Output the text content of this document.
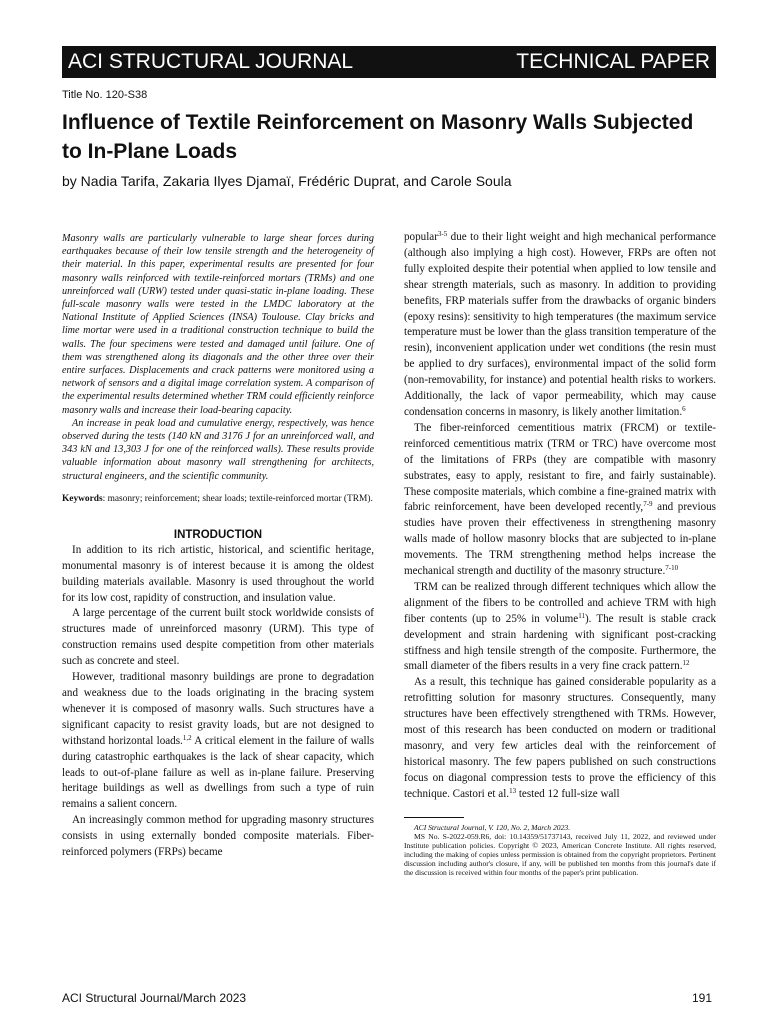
ACI STRUCTURAL JOURNAL	TECHNICAL PAPER
Title No. 120-S38
Influence of Textile Reinforcement on Masonry Walls Subjected to In-Plane Loads
by Nadia Tarifa, Zakaria Ilyes Djamaï, Frédéric Duprat, and Carole Soula

Masonry walls are particularly vulnerable to large shear forces during earthquakes because of their low tensile strength and the heterogeneity of their material. In this paper, experimental results are presented for four masonry walls reinforced with textile-reinforced mortars (TRMs) and one unreinforced wall (URW) tested under quasi-static in-plane loading. These full-scale masonry walls were tested in the LMDC laboratory at the National Institute of Applied Sciences (INSA) Toulouse. Clay bricks and lime mortar were used in a traditional construction technique to build the walls. The four specimens were tested and damaged until failure. One of them was strengthened along its diagonals and the other three over their entire surfaces. Displacements and crack patterns were monitored using a network of sensors and a digital image correlation system. A comparison of the experimental results determined whether TRM could efficiently reinforce masonry walls and increase their load-bearing capacity.

An increase in peak load and cumulative energy, respectively, was hence observed during the tests (140 kN and 3176 J for an unreinforced wall, and 343 kN and 13,303 J for one of the reinforced walls). These results provide valuable information about masonry wall strengthening for architects, structural engineers, and the scientific community.

Keywords: masonry; reinforcement; shear loads; textile-reinforced mortar (TRM).
INTRODUCTION

In addition to its rich artistic, historical, and scientific heritage, monumental masonry is of interest because it is among the oldest building materials available. Masonry is used throughout the world for its low cost, rapidity of construction, and insulation value.

A large percentage of the current built stock worldwide consists of structures made of unreinforced masonry (URM). This type of construction remains used despite competition from other materials such as concrete and steel.

However, traditional masonry buildings are prone to degradation and weakness due to the loads originating in the bracing system whenever it is composed of masonry walls. Such structures have a significant capacity to resist gravity loads, but are not designed to withstand horizontal loads.$^{1,2}$ A critical element in the failure of walls during catastrophic earthquakes is the lack of shear capacity, which leads to out-of-plane failure as well as in-plane failure. Preserving heritage buildings as well as dwellings from such a type of ruin remains a salient concern.

An increasingly common method for upgrading masonry structures consists in using externally bonded composite materials. Fiber-reinforced polymers (FRPs) became

popular$^{3-5}$ due to their light weight and high mechanical performance (although also implying a high cost). However, FRPs are often not fully exploited despite their potential when applied to low tensile and shear strength materials, such as masonry. In addition to providing benefits, FRP materials suffer from the drawbacks of organic binders (epoxy resins): sensitivity to high temperatures (the maximum service temperature must be lower than the glass transition temperature of the resin), inconvenient application under wet conditions (the resin must be applied to dry surfaces), environmental impact of the solid form (non-removability, for instance) and potential health risks to workers. Additionally, the lack of vapor permeability, which may cause condensation concerns in masonry, is likely another limitation.$^6$

The fiber-reinforced cementitious matrix (FRCM) or textile-reinforced cementitious matrix (TRM or TRC) have overcome most of the limitations of FRPs (they are compatible with masonry substrates, easy to apply, resistant to fire, and fairly sustainable). These composite materials, which combine a fine-grained matrix with fabric reinforcement, have been developed recently,$^{7-9}$ and previous studies have proven their effectiveness in strengthening masonry walls made of hollow masonry blocks that are subjected to in-plane movements. The TRM strengthening method helps increase the mechanical strength and ductility of the masonry structure.$^{7-10}$

TRM can be realized through different techniques which allow the alignment of the fibers to be controlled and achieve TRM with high fiber contents (up to 25% in volume$^{11}$). The result is stable crack development and strain hardening with significant post-cracking stiffness and high tensile strength of the composite. Furthermore, the small diameter of the fibers results in a very fine crack pattern.$^{12}$

As a result, this technique has gained considerable popularity as a retrofitting solution for masonry structures. Consequently, many structures have been effectively strengthened with TRMs. However, most of this research has been conducted on modern or traditional masonry, and very few articles deal with the reinforcement of historical masonry. The few papers published on such constructions focus on diagonal compression tests to prove the efficiency of this technique. Castori et al.$^{13}$ tested 12 full-size wall

ACI Structural Journal, V. 120, No. 2, March 2023.

MS No. S-2022-059.R6, doi: 10.14359/51737143, received July 11, 2022, and reviewed under Institute publication policies. Copyright © 2023, American Concrete Institute. All rights reserved, including the making of copies unless permission is obtained from the copyright proprietors. Pertinent discussion including author's closure, if any, will be published ten months from this journal's date if the discussion is received within four months of the paper's print publication.

ACI Structural Journal/March 2023	191
